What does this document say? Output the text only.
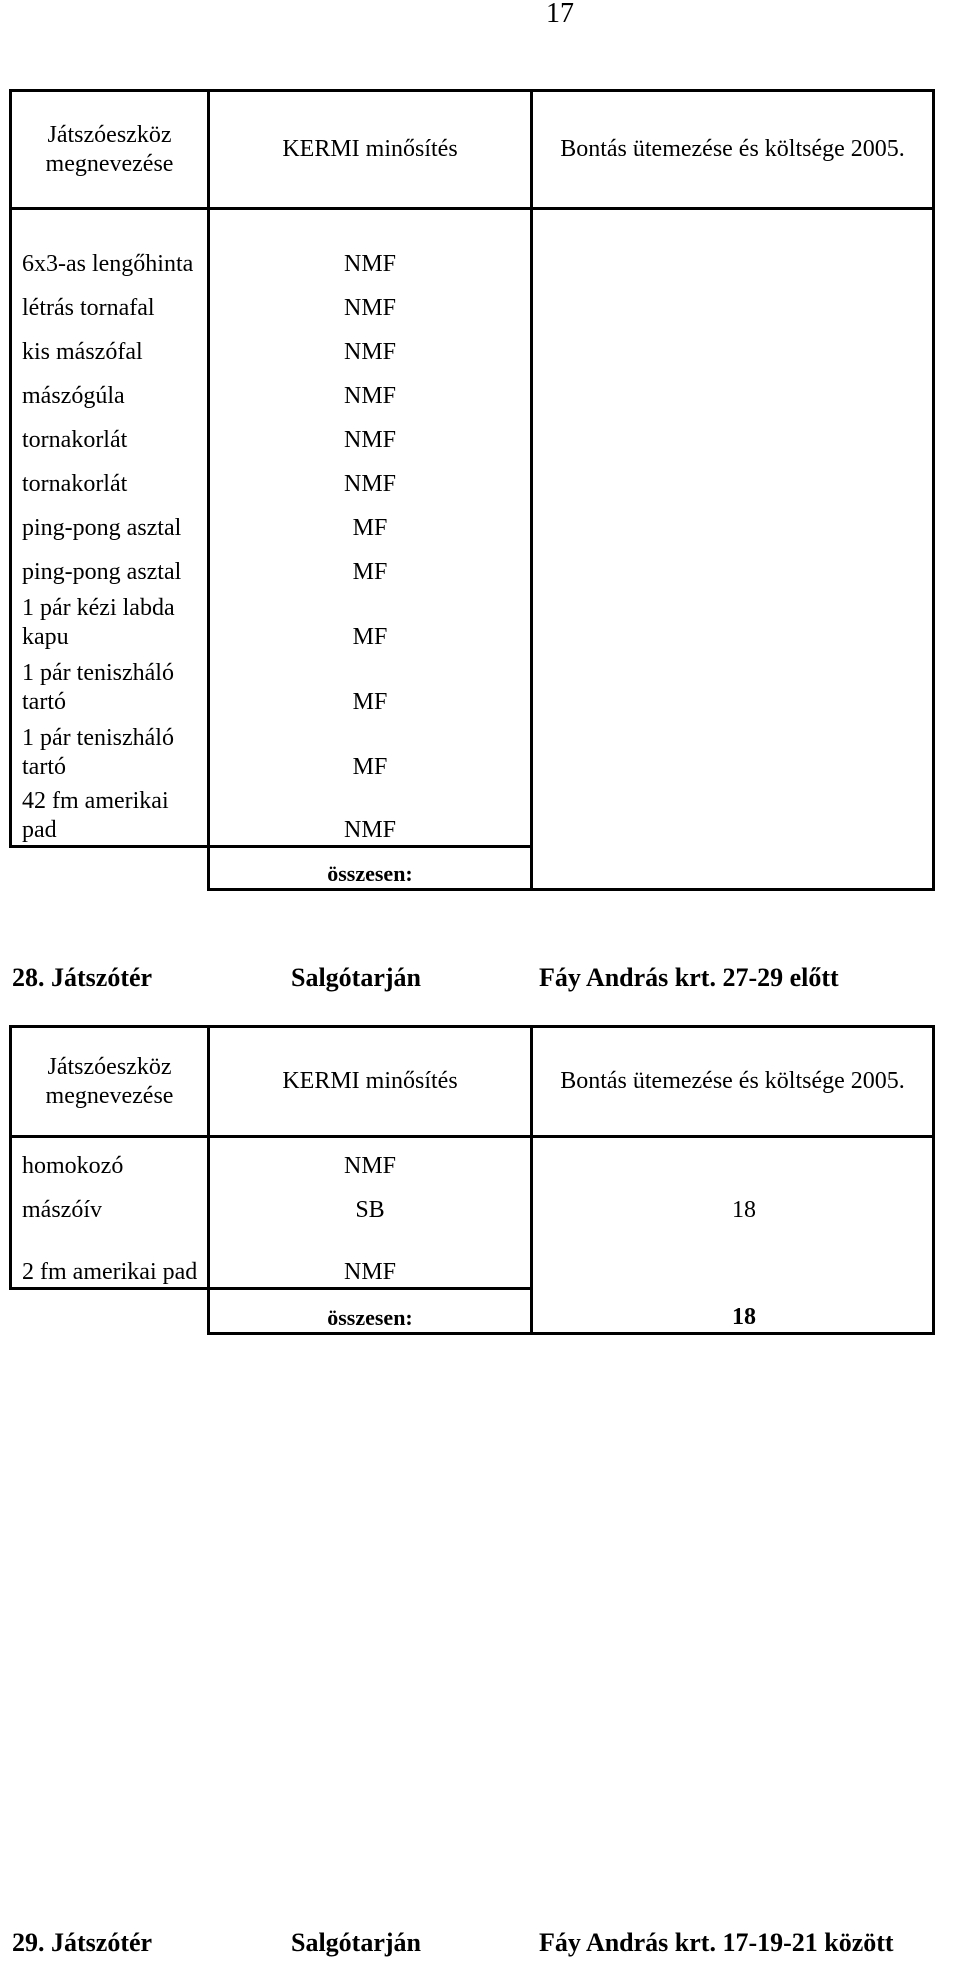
17
Játszóeszköz megnevezése	KERMI minősítés	Bontás ütemezése és költsége 2005.
6x3-as lengőhinta	NMF	
létrás tornafal	NMF	
kis mászófal	NMF	
mászógúla	NMF	
tornakorlát	NMF	
tornakorlát	NMF	
ping-pong asztal	MF	
ping-pong asztal	MF	
1 pár kézi labda kapu	MF	
1 pár teniszháló tartó	MF	
1 pár teniszháló tartó	MF	
42 fm amerikai pad	NMF	
	összesen:	
28. Játszótér	Salgótarján	Fáy András krt. 27-29 előtt
Játszóeszköz megnevezése	KERMI minősítés	Bontás ütemezése és költsége 2005.
homokozó	NMF	
mászóív	SB	18
2 fm amerikai pad	NMF	
	összesen:	18
29. Játszótér	Salgótarján	Fáy András krt. 17-19-21 között
